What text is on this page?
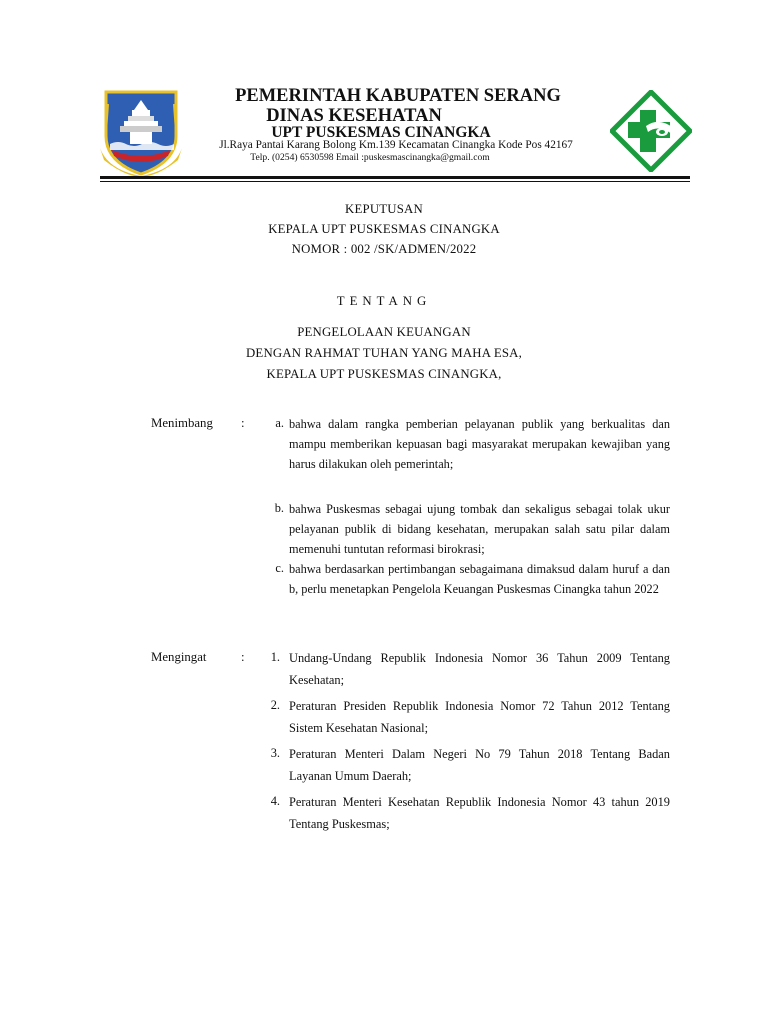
PEMERINTAH KABUPATEN SERANG
DINAS KESEHATAN
UPT PUSKESMAS CINANGKA
Jl.Raya Pantai Karang Bolong Km.139 Kecamatan Cinangka Kode Pos 42167
Telp. (0254) 6530598 Email :puskesmascinangka@gmail.com
KEPUTUSAN
KEPALA UPT PUSKESMAS CINANGKA
NOMOR : 002 /SK/ADMEN/2022
TENTANG
PENGELOLAAN KEUANGAN
DENGAN RAHMAT TUHAN YANG MAHA ESA,
KEPALA UPT PUSKESMAS CINANGKA,
Menimbang :	a. bahwa dalam rangka pemberian pelayanan publik yang berkualitas dan mampu memberikan kepuasan bagi masyarakat merupakan kewajiban yang harus dilakukan oleh pemerintah;
b. bahwa Puskesmas sebagai ujung tombak dan sekaligus sebagai tolak ukur pelayanan publik di bidang kesehatan, merupakan salah satu pilar dalam memenuhi tuntutan reformasi birokrasi;
c. bahwa berdasarkan pertimbangan sebagaimana dimaksud dalam huruf a dan b, perlu menetapkan Pengelola Keuangan Puskesmas Cinangka tahun 2022
Mengingat	:	1. Undang-Undang Republik Indonesia Nomor 36 Tahun 2009 Tentang Kesehatan;
2. Peraturan Presiden Republik Indonesia Nomor 72 Tahun 2012 Tentang Sistem Kesehatan Nasional;
3. Peraturan Menteri Dalam Negeri No 79 Tahun 2018 Tentang Badan Layanan Umum Daerah;
4. Peraturan Menteri Kesehatan Republik Indonesia Nomor 43 tahun 2019 Tentang Puskesmas;
